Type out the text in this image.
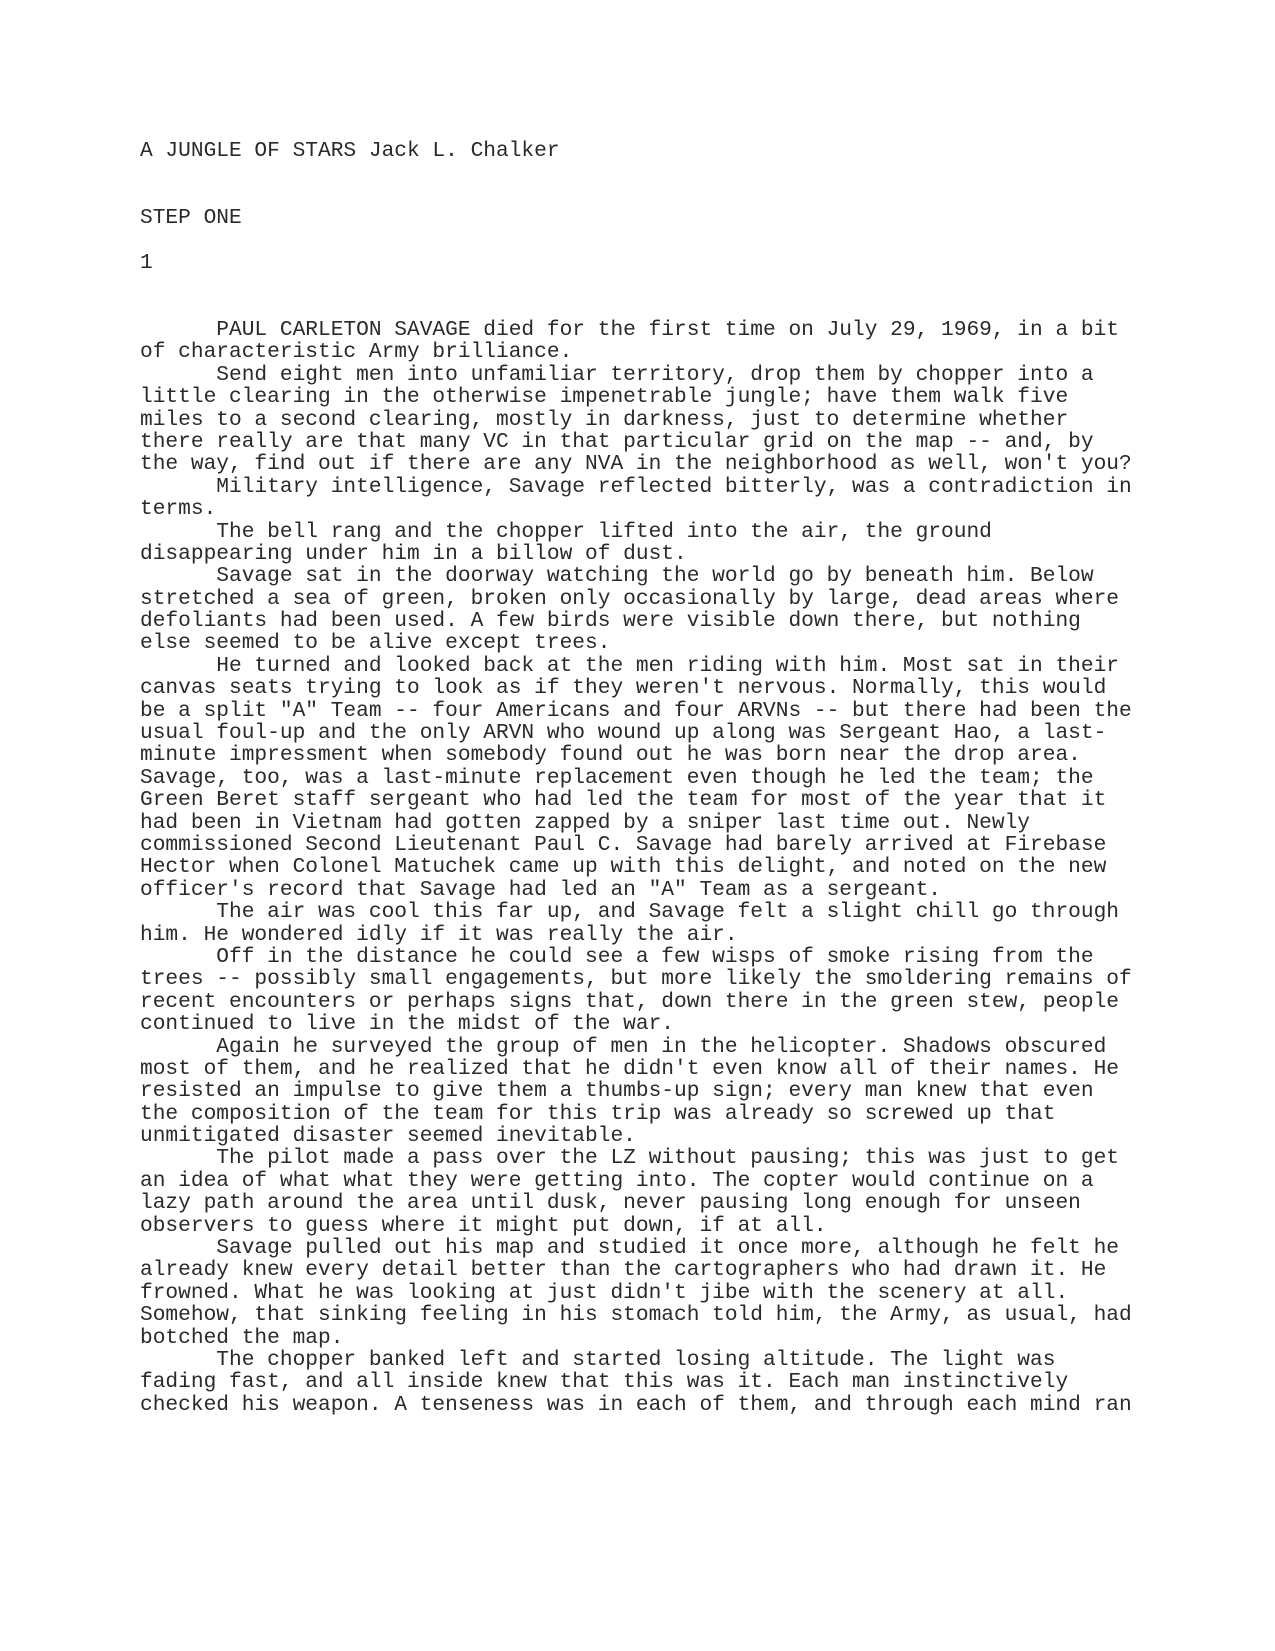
A JUNGLE OF STARS Jack L. Chalker
STEP ONE
1
PAUL CARLETON SAVAGE died for the first time on July 29, 1969, in a bit
of characteristic Army brilliance.
Send eight men into unfamiliar territory, drop them by chopper into a
little clearing in the otherwise impenetrable jungle; have them walk five
miles to a second clearing, mostly in darkness, just to determine whether
there really are that many VC in that particular grid on the map -- and, by
the way, find out if there are any NVA in the neighborhood as well, won't you?
Military intelligence, Savage reflected bitterly, was a contradiction in
terms.
The bell rang and the chopper lifted into the air, the ground
disappearing under him in a billow of dust.
Savage sat in the doorway watching the world go by beneath him. Below
stretched a sea of green, broken only occasionally by large, dead areas where
defoliants had been used. A few birds were visible down there, but nothing
else seemed to be alive except trees.
He turned and looked back at the men riding with him. Most sat in their
canvas seats trying to look as if they weren't nervous. Normally, this would
be a split "A" Team -- four Americans and four ARVNs -- but there had been the
usual foul-up and the only ARVN who wound up along was Sergeant Hao, a last-
minute impressment when somebody found out he was born near the drop area.
Savage, too, was a last-minute replacement even though he led the team; the
Green Beret staff sergeant who had led the team for most of the year that it
had been in Vietnam had gotten zapped by a sniper last time out. Newly
commissioned Second Lieutenant Paul C. Savage had barely arrived at Firebase
Hector when Colonel Matuchek came up with this delight, and noted on the new
officer's record that Savage had led an "A" Team as a sergeant.
The air was cool this far up, and Savage felt a slight chill go through
him. He wondered idly if it was really the air.
Off in the distance he could see a few wisps of smoke rising from the
trees -- possibly small engagements, but more likely the smoldering remains of
recent encounters or perhaps signs that, down there in the green stew, people
continued to live in the midst of the war.
Again he surveyed the group of men in the helicopter. Shadows obscured
most of them, and he realized that he didn't even know all of their names. He
resisted an impulse to give them a thumbs-up sign; every man knew that even
the composition of the team for this trip was already so screwed up that
unmitigated disaster seemed inevitable.
The pilot made a pass over the LZ without pausing; this was just to get
an idea of what what they were getting into. The copter would continue on a
lazy path around the area until dusk, never pausing long enough for unseen
observers to guess where it might put down, if at all.
Savage pulled out his map and studied it once more, although he felt he
already knew every detail better than the cartographers who had drawn it. He
frowned. What he was looking at just didn't jibe with the scenery at all.
Somehow, that sinking feeling in his stomach told him, the Army, as usual, had
botched the map.
The chopper banked left and started losing altitude. The light was
fading fast, and all inside knew that this was it. Each man instinctively
checked his weapon. A tenseness was in each of them, and through each mind ran
